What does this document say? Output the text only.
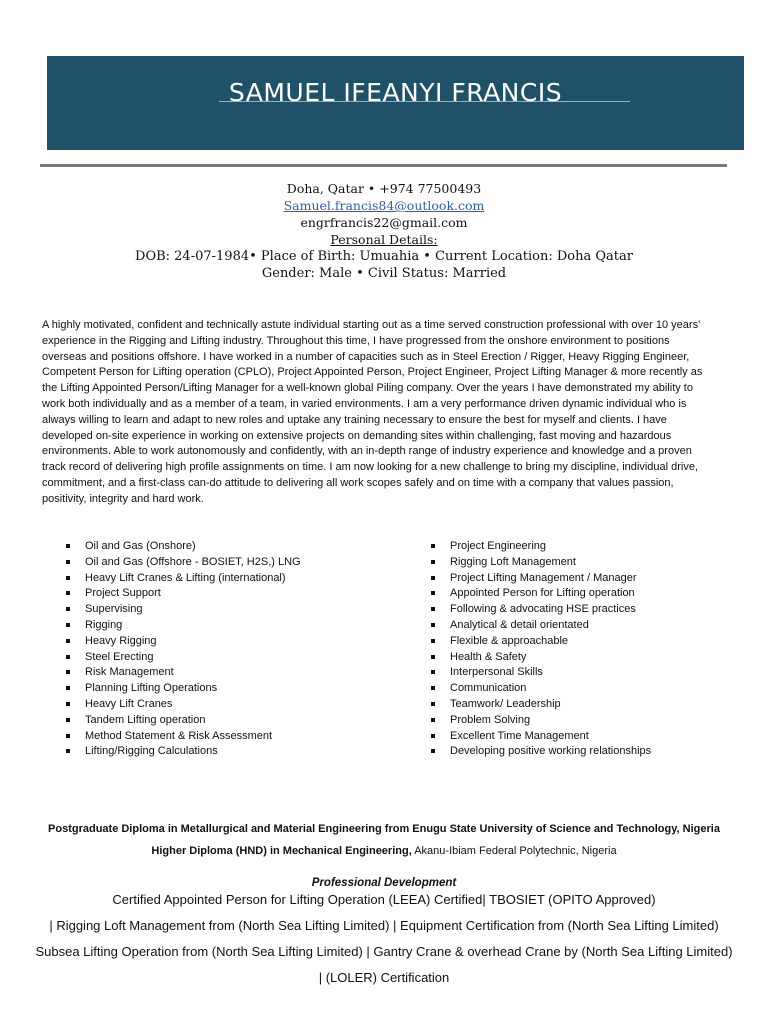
SAMUEL IFEANYI FRANCIS
Doha, Qatar • +974 77500493
Samuel.francis84@outlook.com
engrfrancis22@gmail.com
Personal Details:
DOB: 24-07-1984• Place of Birth: Umuahia • Current Location: Doha Qatar
Gender: Male • Civil Status: Married
A highly motivated, confident and technically astute individual starting out as a time served construction professional with over 10 years' experience in the Rigging and Lifting industry. Throughout this time, I have progressed from the onshore environment to positions overseas and positions offshore. I have worked in a number of capacities such as in Steel Erection / Rigger, Heavy Rigging Engineer, Competent Person for Lifting operation (CPLO), Project Appointed Person, Project Engineer, Project Lifting Manager & more recently as the Lifting Appointed Person/Lifting Manager for a well-known global Piling company. Over the years I have demonstrated my ability to work both individually and as a member of a team, in varied environments. I am a very performance driven dynamic individual who is always willing to learn and adapt to new roles and uptake any training necessary to ensure the best for myself and clients. I have developed on-site experience in working on extensive projects on demanding sites within challenging, fast moving and hazardous environments. Able to work autonomously and confidently, with an in-depth range of industry experience and knowledge and a proven track record of delivering high profile assignments on time. I am now looking for a new challenge to bring my discipline, individual drive, commitment, and a first-class can-do attitude to delivering all work scopes safely and on time with a company that values passion, positivity, integrity and hard work.
Oil and Gas (Onshore)
Oil and Gas (Offshore - BOSIET, H2S,) LNG
Heavy Lift Cranes & Lifting (international)
Project Support
Supervising
Rigging
Heavy Rigging
Steel Erecting
Risk Management
Planning Lifting Operations
Heavy Lift Cranes
Tandem Lifting operation
Method Statement & Risk Assessment
Lifting/Rigging Calculations
Project Engineering
Rigging Loft Management
Project Lifting Management / Manager
Appointed Person for Lifting operation
Following & advocating HSE practices
Analytical & detail orientated
Flexible & approachable
Health & Safety
Interpersonal Skills
Communication
Teamwork/ Leadership
Problem Solving
Excellent Time Management
Developing positive working relationships
Postgraduate Diploma in Metallurgical and Material Engineering from Enugu State University of Science and Technology, Nigeria
Higher Diploma (HND) in Mechanical Engineering, Akanu-Ibiam Federal Polytechnic, Nigeria
Professional Development
Certified Appointed Person for Lifting Operation (LEEA) Certified| TBOSIET (OPITO Approved)
| Rigging Loft Management from (North Sea Lifting Limited) | Equipment Certification from (North Sea Lifting Limited)
Subsea Lifting Operation from (North Sea Lifting Limited) | Gantry Crane & overhead Crane by (North Sea Lifting Limited)
| (LOLER) Certification
